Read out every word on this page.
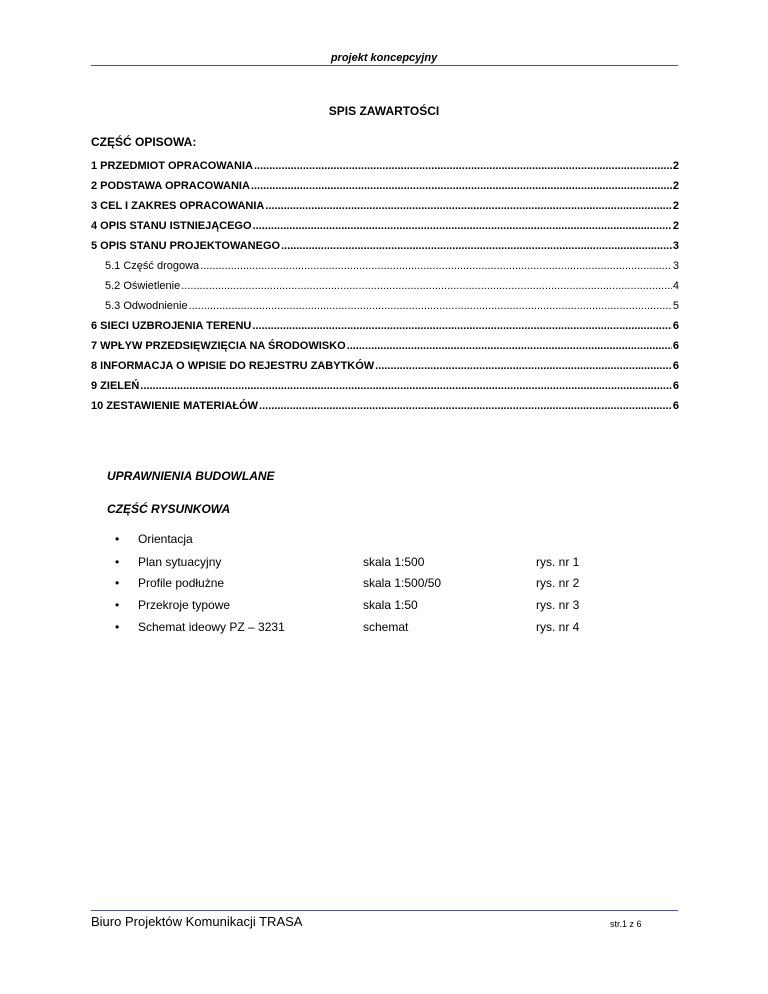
projekt koncepcyjny
SPIS ZAWARTOŚCI
CZĘŚĆ OPISOWA:
1 PRZEDMIOT OPRACOWANIA .....	2
2 PODSTAWA OPRACOWANIA .....	2
3 CEL I ZAKRES OPRACOWANIA .....	2
4 OPIS STANU ISTNIEJĄCEGO .....	2
5 OPIS STANU PROJEKTOWANEGO .....	3
5.1 Część drogowa .....	3
5.2 Oświetlenie .....	4
5.3 Odwodnienie .....	5
6 SIECI UZBROJENIA TERENU .....	6
7 WPŁYW PRZEDSIĘWZIĘCIA NA ŚRODOWISKO .....	6
8 INFORMACJA O WPISIE DO REJESTRU ZABYTKÓW .....	6
9 ZIELEŃ .....	6
10 ZESTAWIENIE MATERIAŁÓW .....	6
UPRAWNIENIA BUDOWLANE
CZĘŚĆ RYSUNKOWA
• Orientacja
• Plan sytuacyjny	skala 1:500	rys. nr 1
• Profile podłużne	skala 1:500/50	rys. nr 2
• Przekroje typowe	skala 1:50	rys. nr 3
• Schemat ideowy PZ – 3231	schemat	rys. nr 4
Biuro Projektów Komunikacji TRASA	str.1 z 6
